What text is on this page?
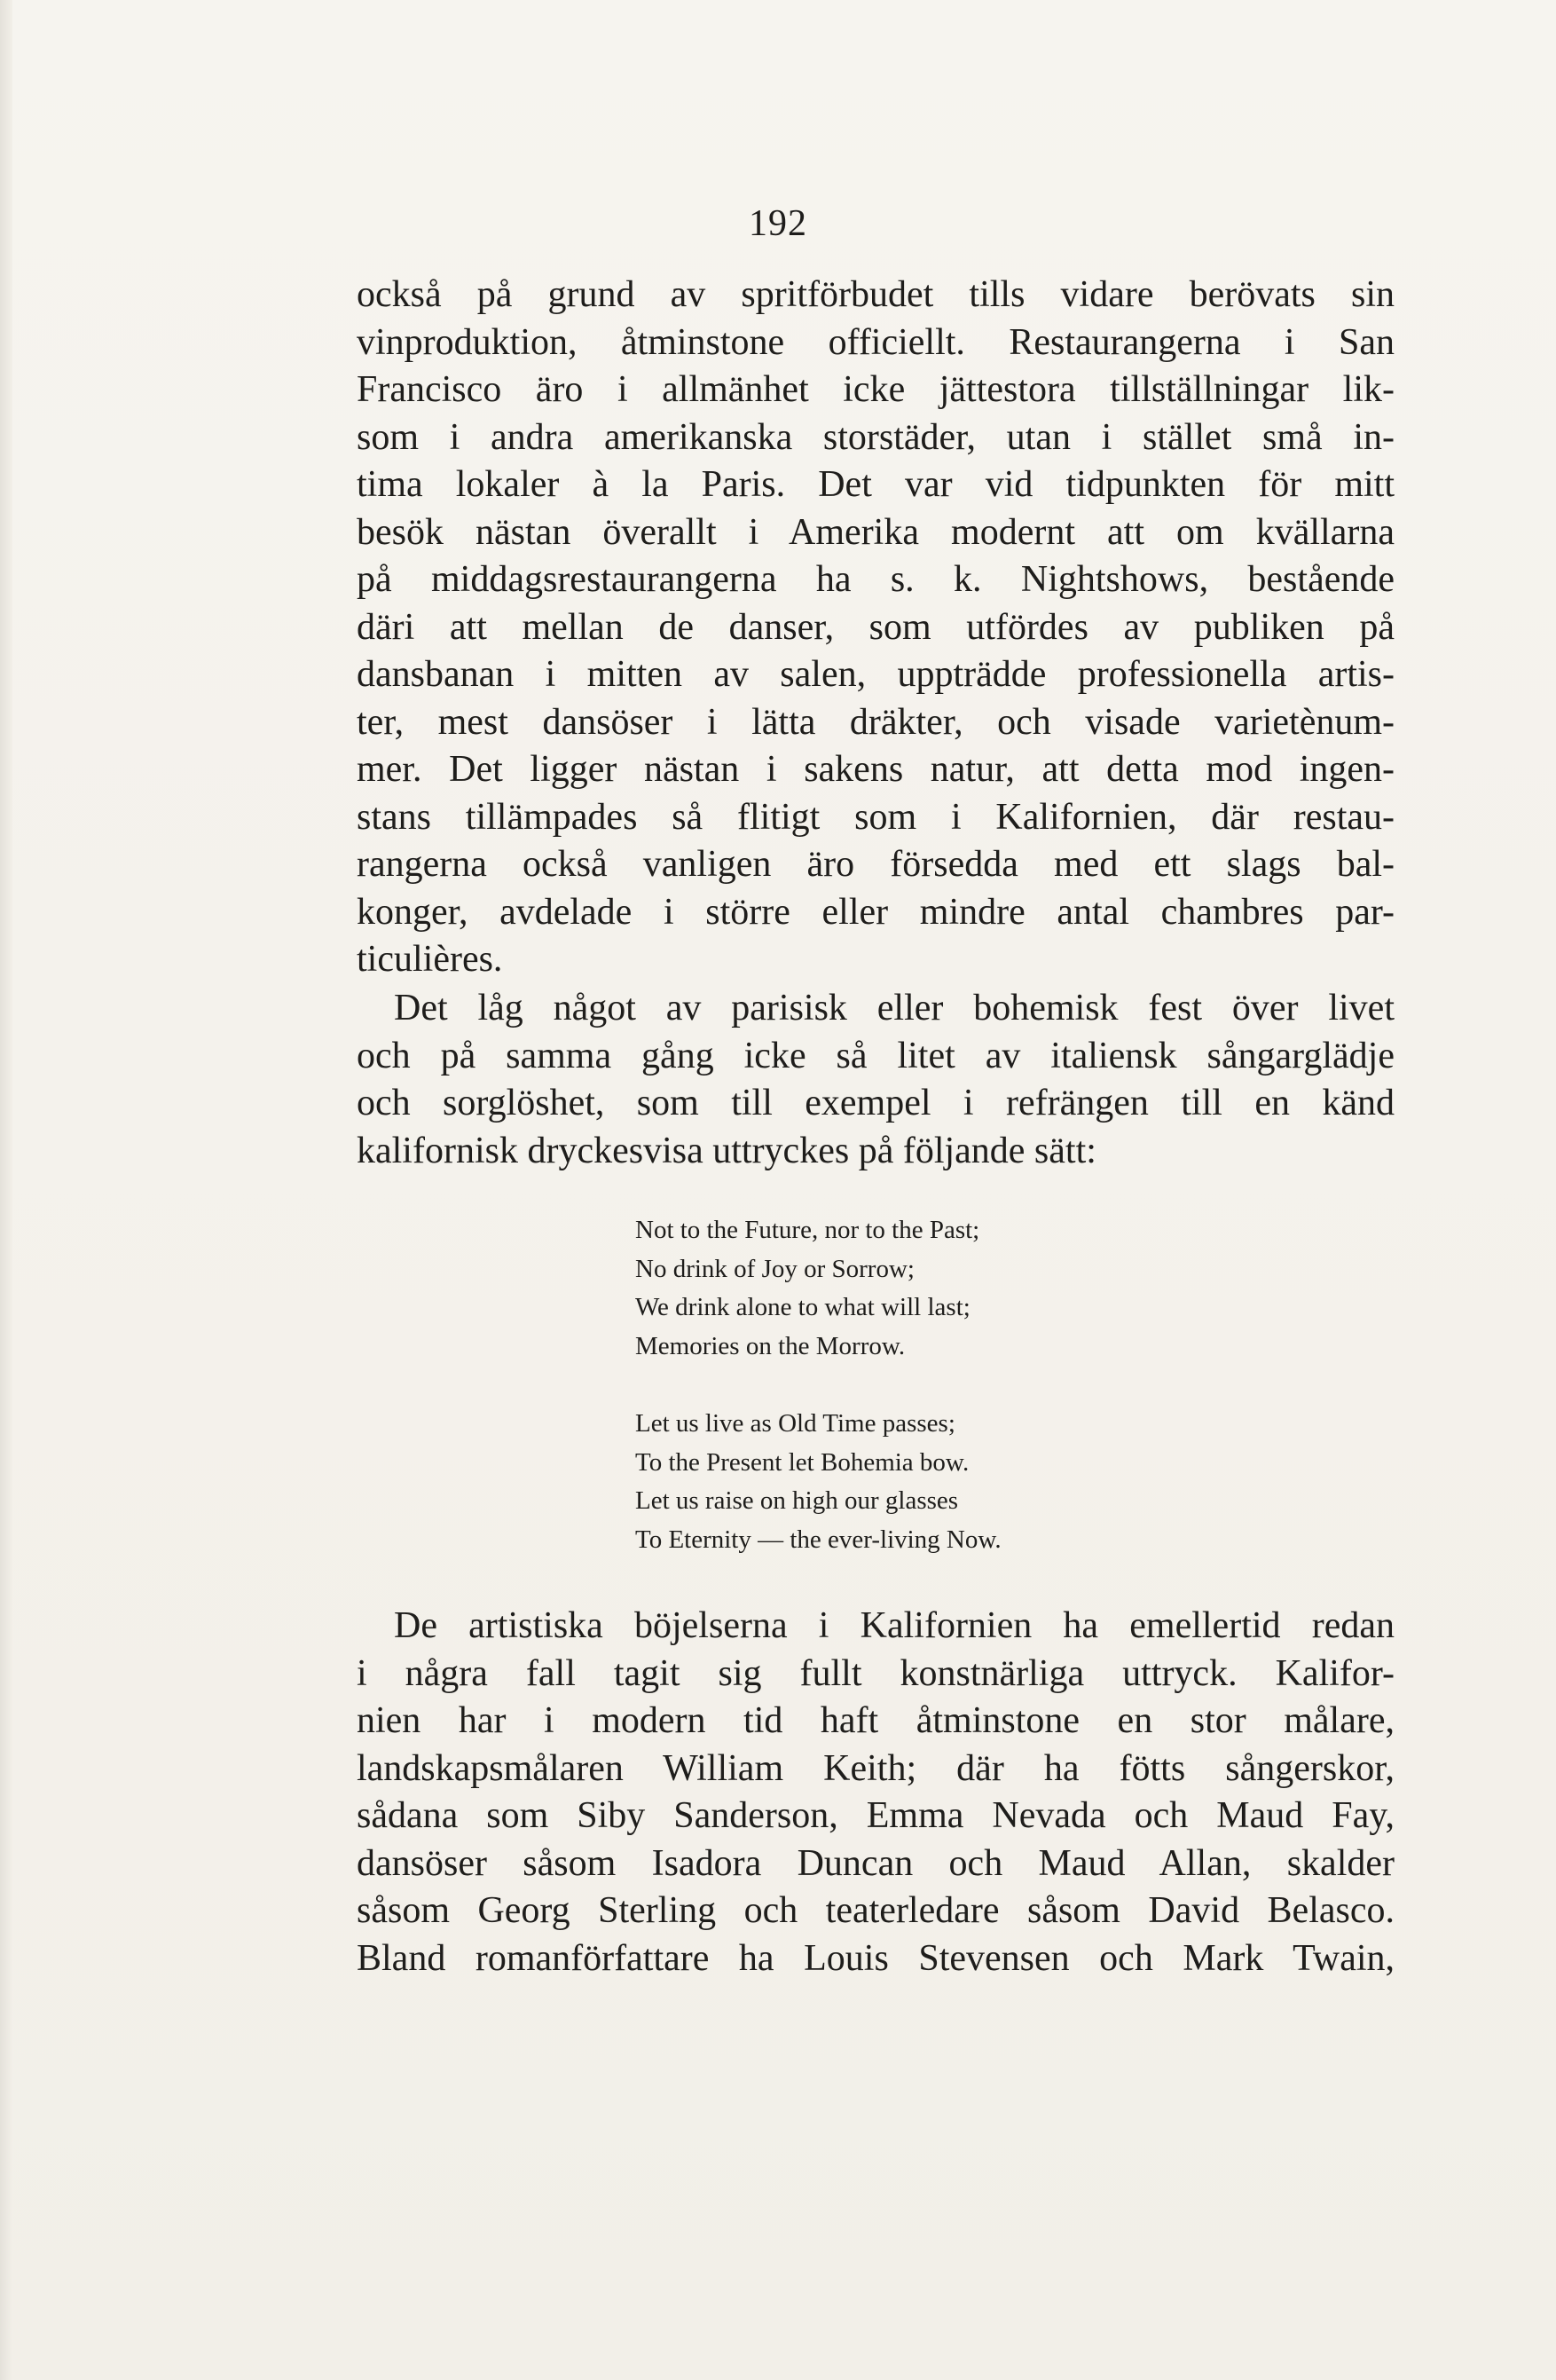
192
också på grund av spritförbudet tills vidare berövats sin
vinproduktion, åtminstone officiellt. Restaurangerna i San
Francisco äro i allmänhet icke jättestora tillställningar lik-
som i andra amerikanska storstäder, utan i stället små in-
tima lokaler à la Paris. Det var vid tidpunkten för mitt
besök nästan överallt i Amerika modernt att om kvällarna
på middagsrestaurangerna ha s. k. Nightshows, bestående
däri att mellan de danser, som utfördes av publiken på
dansbanan i mitten av salen, uppträdde professionella artis-
ter, mest dansöser i lätta dräkter, och visade varietènum-
mer. Det ligger nästan i sakens natur, att detta mod ingen-
stans tillämpades så flitigt som i Kalifornien, där restau-
rangerna också vanligen äro försedda med ett slags bal-
konger, avdelade i större eller mindre antal chambres par-
ticulières.
Det låg något av parisisk eller bohemisk fest över livet
och på samma gång icke så litet av italiensk sångarglädje
och sorglöshet, som till exempel i refrängen till en känd
kalifornisk dryckesvisa uttryckes på följande sätt:
Not to the Future, nor to the Past;
No drink of Joy or Sorrow;
We drink alone to what will last;
Memories on the Morrow.
Let us live as Old Time passes;
To the Present let Bohemia bow.
Let us raise on high our glasses
To Eternity — the ever-living Now.
De artistiska böjelserna i Kalifornien ha emellertid redan
i några fall tagit sig fullt konstnärliga uttryck. Kalifor-
nien har i modern tid haft åtminstone en stor målare,
landskapsmålaren William Keith; där ha fötts sångerskor,
sådana som Siby Sanderson, Emma Nevada och Maud Fay,
dansöser såsom Isadora Duncan och Maud Allan, skalder
såsom Georg Sterling och teaterledare såsom David Belasco.
Bland romanförfattare ha Louis Stevensen och Mark Twain,
